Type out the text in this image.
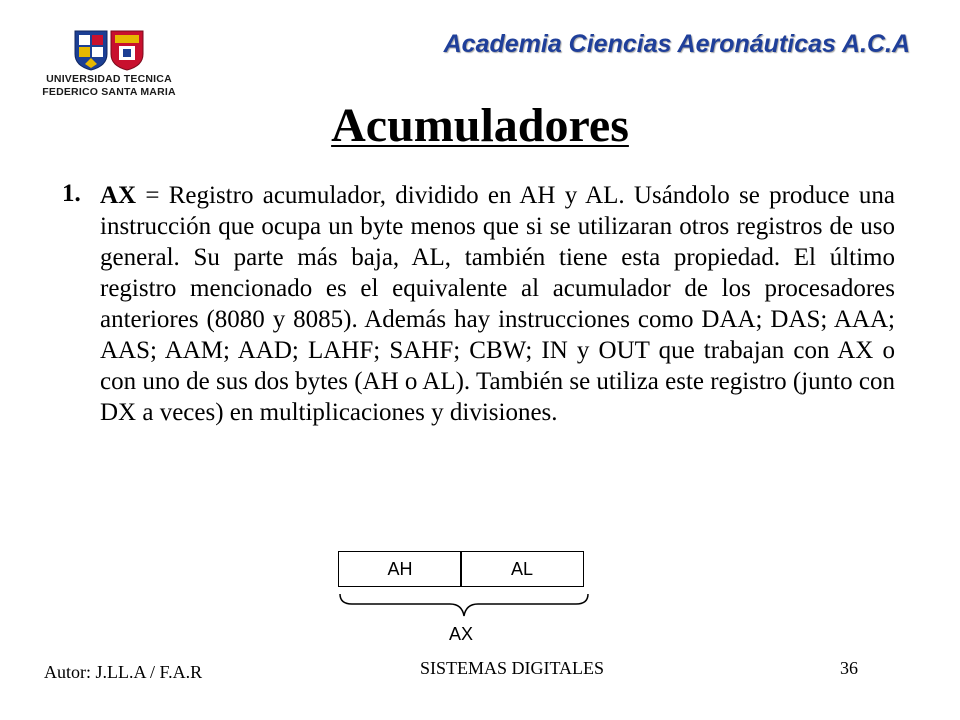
UNIVERSIDAD TECNICA
FEDERICO SANTA MARIA
Academia Ciencias Aeronáuticas A.C.A
Acumuladores
1. AX = Registro acumulador, dividido en AH y AL. Usándolo se produce una instrucción que ocupa un byte menos que si se utilizaran otros registros de uso general. Su parte más baja, AL, también tiene esta propiedad. El último registro mencionado es el equivalente al acumulador de los procesadores anteriores (8080 y 8085). Además hay instrucciones como DAA; DAS; AAA; AAS; AAM; AAD; LAHF; SAHF; CBW; IN y OUT que trabajan con AX o con uno de sus dos bytes (AH o AL). También se utiliza este registro (junto con DX a veces) en multiplicaciones y divisiones.
AH	AL
AX
Autor: J.LL.A / F.A.R	SISTEMAS DIGITALES	36
